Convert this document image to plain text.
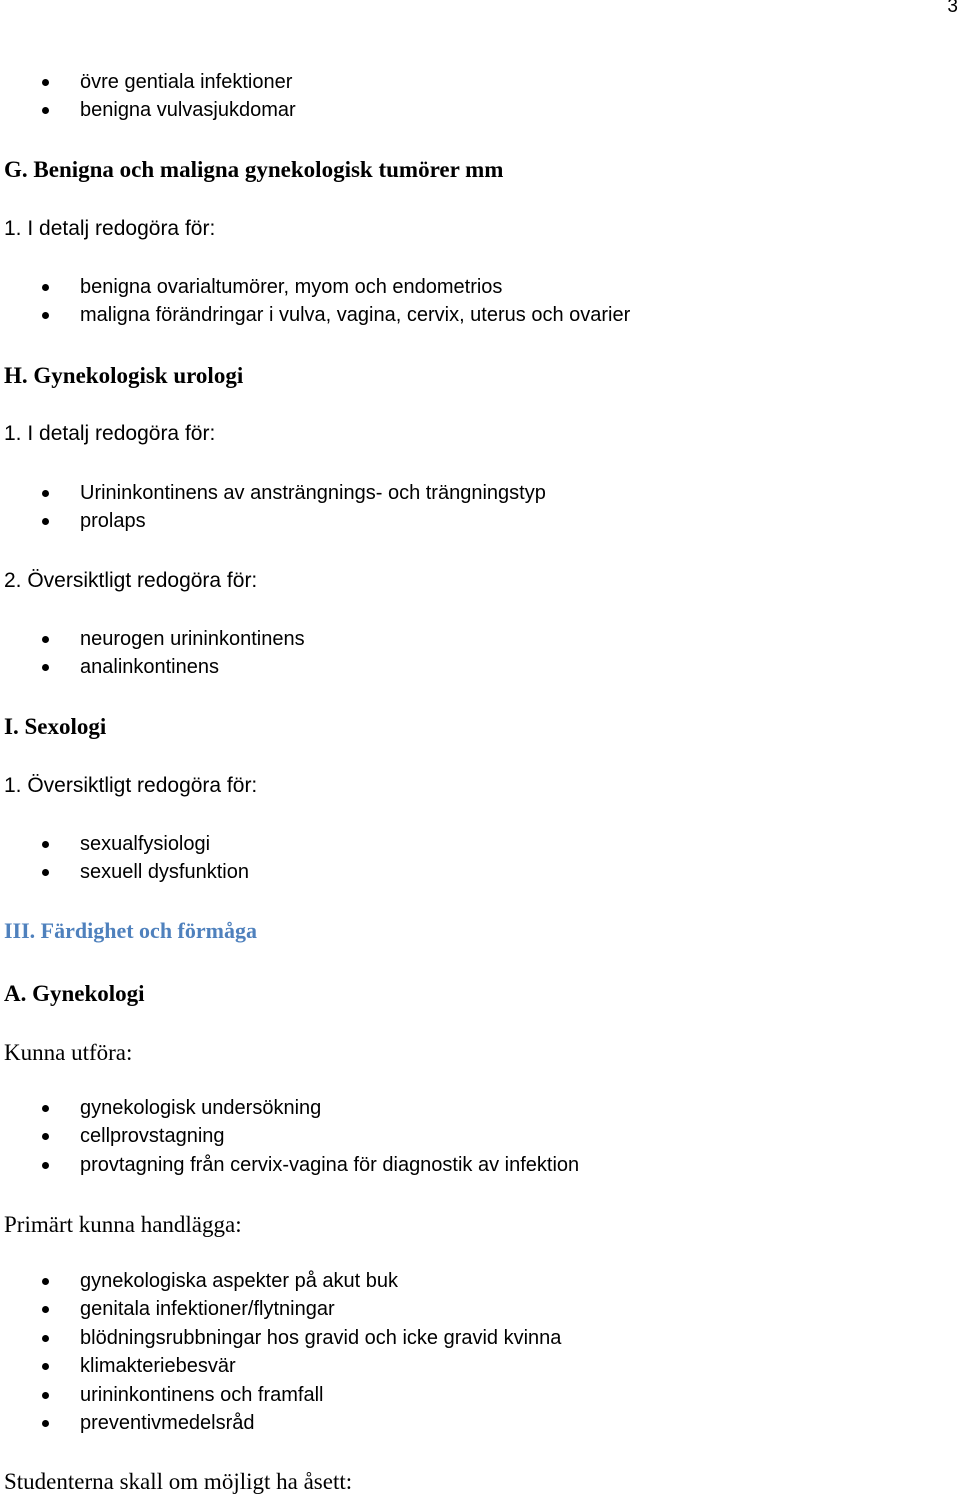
3
övre gentiala infektioner
benigna vulvasjukdomar
G. Benigna och maligna gynekologisk tumörer mm
1. I detalj redogöra för:
benigna ovarialtumörer, myom och endometrios
maligna förändringar i vulva, vagina, cervix, uterus och ovarier
H. Gynekologisk urologi
1. I detalj redogöra för:
Urininkontinens av ansträngnings- och trängningstyp
prolaps
2. Översiktligt redogöra för:
neurogen urininkontinens
analinkontinens
I. Sexologi
1. Översiktligt redogöra för:
sexualfysiologi
sexuell dysfunktion
III. Färdighet och förmåga
A. Gynekologi
Kunna utföra:
gynekologisk undersökning
cellprovstagning
provtagning från cervix-vagina för diagnostik av infektion
Primärt kunna handlägga:
gynekologiska aspekter på akut buk
genitala infektioner/flytningar
blödningsrubbningar hos gravid och icke gravid kvinna
klimakteriebesvär
urininkontinens och framfall
preventivmedelsråd
Studenterna skall om möjligt ha åsett:
